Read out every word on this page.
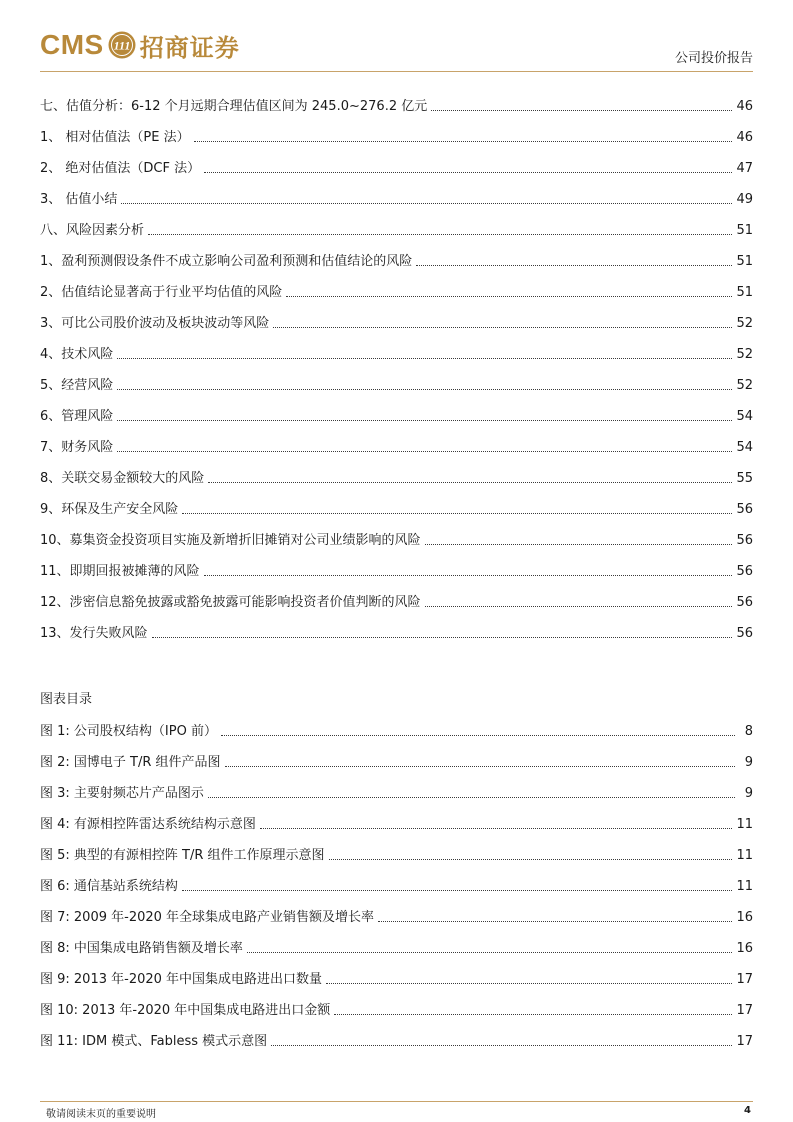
CMS 111 招商证券	公司投价报告
七、估值分析：6-12 个月远期合理估值区间为 245.0~276.2 亿元	46
1、 相对估值法（PE 法）	46
2、 绝对估值法（DCF 法）	47
3、 估值小结	49
八、风险因素分析	51
1、盈利预测假设条件不成立影响公司盈利预测和估值结论的风险	51
2、估值结论显著高于行业平均估值的风险	51
3、可比公司股价波动及板块波动等风险	52
4、技术风险	52
5、经营风险	52
6、管理风险	54
7、财务风险	54
8、关联交易金额较大的风险	55
9、环保及生产安全风险	56
10、募集资金投资项目实施及新增折旧摊销对公司业绩影响的风险	56
11、即期回报被摊薄的风险	56
12、涉密信息豁免披露或豁免披露可能影响投资者价值判断的风险	56
13、发行失败风险	56
图表目录
图 1: 公司股权结构（IPO 前）	8
图 2: 国博电子 T/R 组件产品图	9
图 3: 主要射频芯片产品图示	9
图 4: 有源相控阵雷达系统结构示意图	11
图 5: 典型的有源相控阵 T/R 组件工作原理示意图	11
图 6: 通信基站系统结构	11
图 7: 2009 年-2020 年全球集成电路产业销售额及增长率	16
图 8: 中国集成电路销售额及增长率	16
图 9: 2013 年-2020 年中国集成电路进出口数量	17
图 10: 2013 年-2020 年中国集成电路进出口金额	17
图 11: IDM 模式、Fabless 模式示意图	17
敬请阅读末页的重要说明	4
